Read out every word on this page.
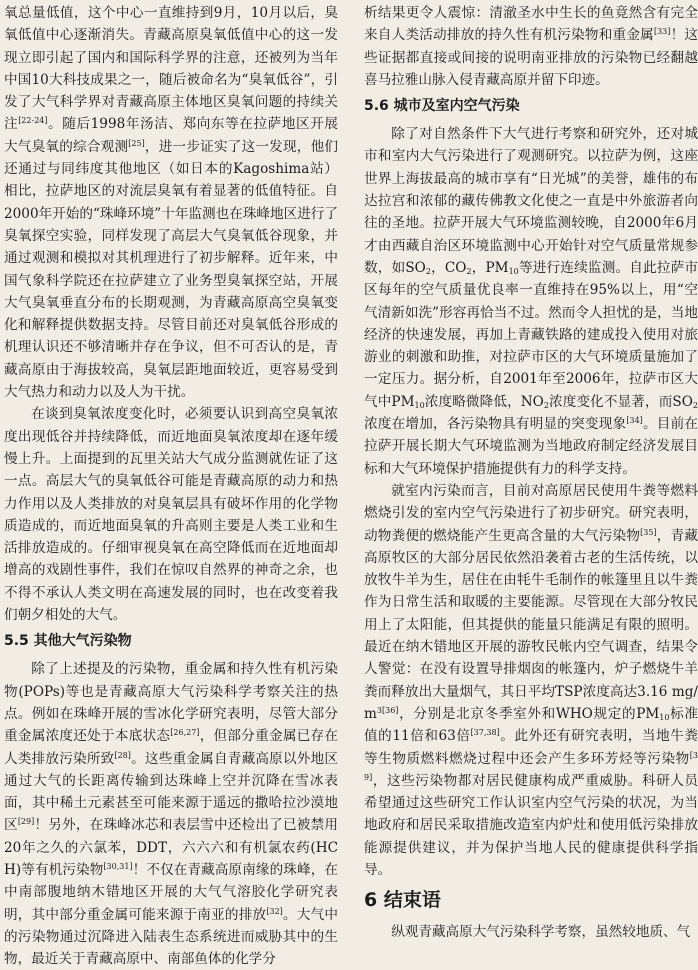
氧总量低值，这个中心一直维持到9月，10月以后，臭氧低值中心逐渐消失。青藏高原臭氧低值中心的这一发现立即引起了国内和国际科学界的注意，还被列为当年中国10大科技成果之一，随后被命名为“臭氧低谷”，引发了大气科学界对青藏高原主体地区臭氧问题的持续关注[22-24]。随后1998年汤洁、郑向东等在拉萨地区开展大气臭氧的综合观测[25]，进一步证实了这一发现，他们还通过与同纬度其他地区（如日本的Kagoshima站）相比，拉萨地区的对流层臭氧有着显著的低值特征。自2000年开始的“珠峰环境”十年监测也在珠峰地区进行了臭氧探空实验，同样发现了高层大气臭氧低谷现象，并通过观测和模拟对其机理进行了初步解释。近年来，中国气象科学院还在拉萨建立了业务型臭氧探空站，开展大气臭氧垂直分布的长期观测，为青藏高原高空臭氧变化和解释提供数据支持。尽管目前还对臭氧低谷形成的机理认识还不够清晰并存在争议，但不可否认的是，青藏高原由于海拔较高，臭氧层距地面较近，更容易受到大气热力和动力以及人为干扰。

在谈到臭氧浓度变化时，必须要认识到高空臭氧浓度出现低谷并持续降低，而近地面臭氧浓度却在逐年缓慢上升。上面提到的瓦里关站大气成分监测就佐证了这一点。高层大气的臭氧低谷可能是青藏高原的动力和热力作用以及人类排放的对臭氧层具有破坏作用的化学物质造成的，而近地面臭氧的升高则主要是人类工业和生活排放造成的。仔细审视臭氧在高空降低而在近地面却增高的戏剧性事件，我们在惊叹自然界的神奇之余，也不得不承认人类文明在高速发展的同时，也在改变着我们朝夕相处的大气。

5.5 其他大气污染物

除了上述提及的污染物，重金属和持久性有机污染物(POPs)等也是青藏高原大气污染科学考察关注的热点。例如在珠峰开展的雪冰化学研究表明，尽管大部分重金属浓度还处于本底状态[26,27]，但部分重金属已存在人类排放污染所致[28]。这些重金属自青藏高原以外地区通过大气的长距离传输到达珠峰上空并沉降在雪冰表面，其中稀土元素甚至可能来源于遥远的撒哈拉沙漠地区[29]！另外，在珠峰冰芯和表层雪中还检出了已被禁用20年之久的六氯苯，DDT，六六六和有机氯农药(HCH)等有机污染物[30,31]！不仅在青藏高原南缘的珠峰，在中南部腹地纳木错地区开展的大气气溶胶化学研究表明，其中部分重金属可能来源于南亚的排放[32]。大气中的污染物通过沉降进入陆表生态系统进而威胁其中的生物，最近关于青藏高原中、南部鱼体的化学分

析结果更令人震惊：清澈圣水中生长的鱼竟然含有完全来自人类活动排放的持久性有机污染物和重金属[33]！这些证据都直接或间接的说明南亚排放的污染物已经翻越喜马拉雅山脉入侵青藏高原并留下印迹。

5.6 城市及室内空气污染

除了对自然条件下大气进行考察和研究外，还对城市和室内大气污染进行了观测研究。以拉萨为例，这座世界上海拔最高的城市享有“日光城”的美誉，雄伟的布达拉宫和浓郁的藏传佛教文化使之一直是中外旅游者向往的圣地。拉萨开展大气环境监测较晚，自2000年6月才由西藏自治区环境监测中心开始针对空气质量常规参数，如$SO_2$，$CO_2$，$PM_{10}$等进行连续监测。自此拉萨市区每年的空气质量优良率一直维持在95%以上，用“空气清新如洗”形容再恰当不过。然而令人担忧的是，当地经济的快速发展，再加上青藏铁路的建成投入使用对旅游业的刺激和助推，对拉萨市区的大气环境质量施加了一定压力。据分析，自2001年至2006年，拉萨市区大气中$PM_{10}$浓度略微降低，$NO_2$浓度变化不显著，而$SO_2$浓度在增加，各污染物具有明显的突变现象[34]。目前在拉萨开展长期大气环境监测为当地政府制定经济发展目标和大气环境保护措施提供有力的科学支持。

就室内污染而言，目前对高原居民使用牛粪等燃料燃烧引发的室内空气污染进行了初步研究。研究表明，动物粪便的燃烧能产生更高含量的大气污染物[35]，青藏高原牧区的大部分居民依然沿袭着古老的生活传统，以放牧牛羊为生，居住在由牦牛毛制作的帐篷里且以牛粪作为日常生活和取暖的主要能源。尽管现在大部分牧民用上了太阳能，但其提供的能量只能满足有限的照明。最近在纳木错地区开展的游牧民帐内空气调查，结果令人警觉：在没有设置导排烟囱的帐篷内，炉子燃烧牛羊粪而释放出大量烟气，其日平均TSP浓度高达3.16 $mg/m^{3[36]}$，分别是北京冬季室外和WHO规定的$PM_{10}$标准值的11倍和63倍[37,38]。此外还有研究表明，当地牛粪等生物质燃料燃烧过程中还会产生多环芳烃等污染物[39]，这些污染物都对居民健康构成严重威胁。科研人员希望通过这些研究工作认识室内空气污染的状况，为当地政府和居民采取措施改造室内炉灶和使用低污染排放能源提供建议，并为保护当地人民的健康提供科学指导。

6 结束语

纵观青藏高原大气污染科学考察，虽然较地质、气
